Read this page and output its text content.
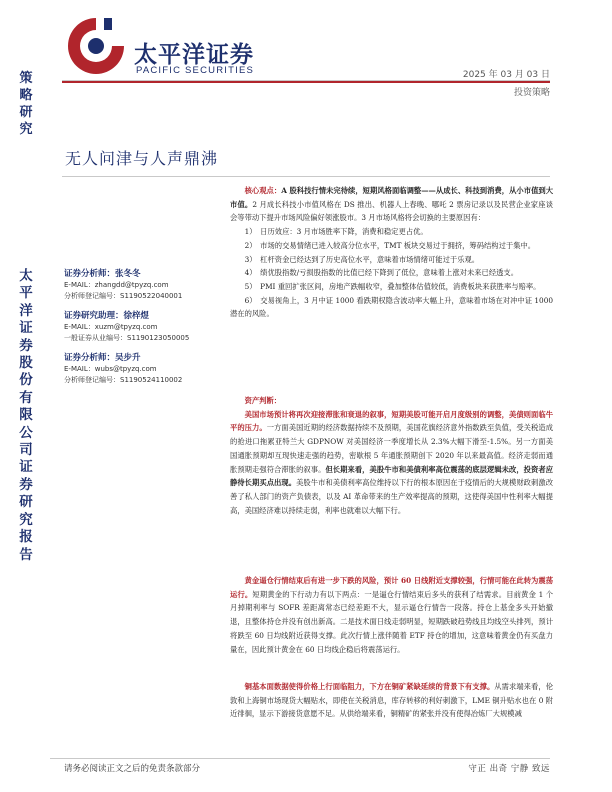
太平洋证券
PACIFIC SECURITIES	2025 年 03 月 03 日
投资策略
策略研究
太平洋证券股份有限公司证券研究报告
无人问津与人声鼎沸
证券分析师：张冬冬
E-MAIL：zhangdd@tpyzq.com
分析师登记编号：S1190522040001
证券研究助理：徐梓煜
E-MAIL：xuzm@tpyzq.com
一般证券从业编号：S1190123050005
证券分析师：吴步升
E-MAIL：wubs@tpyzq.com
分析师登记编号：S1190524110002

核心观点：A 股科技行情未完待续，短期风格面临调整——从成长、科技到消费，从小市值到大市值。2 月成长科技小市值风格在 DS 推出、机器人上春晚、哪吒 2 票房记录以及民营企业家座谈会等带动下提升市场风险偏好领涨股市。3 月市场风格将会切换的主要原因有：

1）　日历效应：3 月市场胜率下降，消费和稳定更占优。

2）　市场的交易情绪已进入较高分位水平，TMT 板块交易过于拥挤，筹码结构过于集中。

3）　杠杆资金已经达到了历史高位水平，意味着市场情绪可能过于乐观。

4）　绩优股指数/亏损股指数的比值已经下降到了低位，意味着上涨对未来已经透支。

5）　PMI 重回扩张区间，房地产跌幅收窄，叠加整体估值较低，消费板块来获胜率与赔率。

6）　交易视角上，3 月中证 1000 看跌期权隐含波动率大幅上升，意味着市场在对冲中证 1000 潜在的风险。

资产判断：

美国市场预计将再次迎接滞胀和衰退的叙事，短期美股可能开启月度级别的调整，美债则面临牛平的压力。一方面美国近期的经济数据持续不及预期，美国花旗经济意外指数跌至负值，受关税造成的抢进口拖累亚特兰大 GDPNOW 对美国经济一季度增长从 2.3%大幅下滑至-1.5%。另一方面美国通胀预期却互现快速走强的趋势，密歇根 5 年通胀预期创下 2020 年以来最高值。经济走弱而通胀预期走强符合滞胀的叙事。但长期来看，美股牛市和美债利率高位震荡的底层逻辑未改，投资者应静待长期买点出现。美股牛市和美债利率高位维持以下行的根本原因在于疫情后的大规模财政刺激改善了私人部门的资产负债表，以及 AI 革命带来的生产效率提高的预期，这使得美国中性利率大幅提高，美国经济难以持续走弱，利率也就难以大幅下行。

黄金逼仓行情结束后有进一步下跌的风险，预计 60 日线附近支撑较强，行情可能在此转为震荡运行。短期黄金的下行动力有以下两点：一是逼仓行情结束后多头的获利了结需求。目前黄金 1 个月掉期利率与 SOFR 差距离常态已经差距不大，显示逼仓行情告一段落。持仓上基金多头开始撤退，且整体持仓并没有创出新高。二是技术面日线走弱明显，短期跌破趋势线且均线空头排列，预计将跌至 60 日均线附近获得支撑。此次行情上涨伴随着 ETF 持仓的增加，这意味着黄金仍有买盘力量在，因此预计黄金在 60 日均线企稳后将震荡运行。

铜基本面数据使得价格上行面临阻力，下方在铜矿紧缺延续的背景下有支撑。从需求端来看，伦敦和上海铜市场现货大幅贴水，即使在关税消息，库存转移的利好刺激下，LME 铜升贴水也在 0 附近徘徊，显示下游接货意愿不足。从供给端来看，铜精矿的紧张并没有使得冶炼厂大规模减

请务必阅读正文之后的免责条款部分	守正 出奇 宁静 致远
